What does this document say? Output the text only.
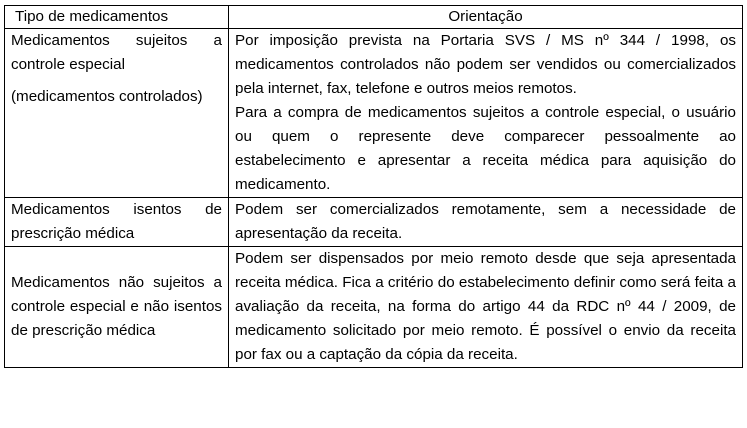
Tipo de medicamentos	Orientação

Medicamentos sujeitos a controle especial
(medicamentos controlados)	Por imposição prevista na Portaria SVS / MS nº 344 / 1998, os medicamentos controlados não podem ser vendidos ou comercializados pela internet, fax, telefone e outros meios remotos.
Para a compra de medicamentos sujeitos a controle especial, o usuário ou quem o represente deve comparecer pessoalmente ao estabelecimento e apresentar a receita médica para aquisição do medicamento.

Medicamentos isentos de prescrição médica	Podem ser comercializados remotamente, sem a necessidade de apresentação da receita.

Medicamentos não sujeitos a controle especial e não isentos de prescrição médica	Podem ser dispensados por meio remoto desde que seja apresentada receita médica. Fica a critério do estabelecimento definir como será feita a avaliação da receita, na forma do artigo 44 da RDC nº 44 / 2009, de medicamento solicitado por meio remoto. É possível o envio da receita por fax ou a captação da cópia da receita.
